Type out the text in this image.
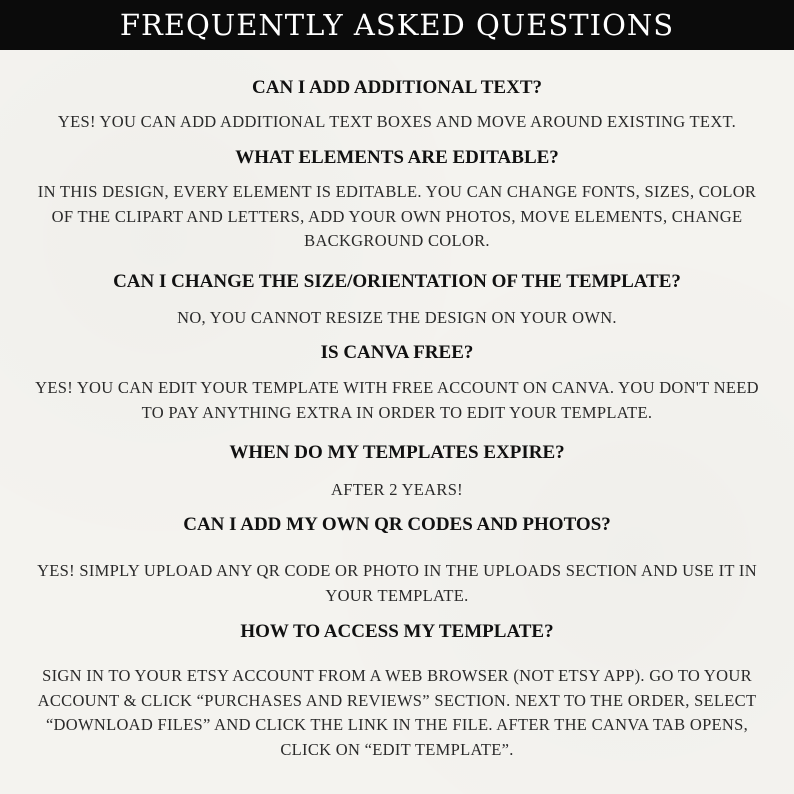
FREQUENTLY ASKED QUESTIONS
CAN I ADD ADDITIONAL TEXT?
YES! YOU CAN ADD ADDITIONAL TEXT BOXES AND MOVE AROUND EXISTING TEXT.
WHAT ELEMENTS ARE EDITABLE?
IN THIS DESIGN, EVERY ELEMENT IS EDITABLE. YOU CAN CHANGE FONTS, SIZES, COLOR OF THE CLIPART AND LETTERS, ADD YOUR OWN PHOTOS, MOVE ELEMENTS, CHANGE BACKGROUND COLOR.
CAN I CHANGE THE SIZE/ORIENTATION OF THE TEMPLATE?
NO, YOU CANNOT RESIZE THE DESIGN ON YOUR OWN.
IS CANVA FREE?
YES! YOU CAN EDIT YOUR TEMPLATE WITH FREE ACCOUNT ON CANVA. YOU DON'T NEED TO PAY ANYTHING EXTRA IN ORDER TO EDIT YOUR TEMPLATE.
WHEN DO MY TEMPLATES EXPIRE?
AFTER 2 YEARS!
CAN I ADD MY OWN QR CODES AND PHOTOS?
YES! SIMPLY UPLOAD ANY QR CODE OR PHOTO IN THE UPLOADS SECTION AND USE IT IN YOUR TEMPLATE.
HOW TO ACCESS MY TEMPLATE?
SIGN IN TO YOUR ETSY ACCOUNT FROM A WEB BROWSER (NOT ETSY APP). GO TO YOUR ACCOUNT & CLICK “PURCHASES AND REVIEWS” SECTION. NEXT TO THE ORDER, SELECT “DOWNLOAD FILES” AND CLICK THE LINK IN THE FILE. AFTER THE CANVA TAB OPENS, CLICK ON “EDIT TEMPLATE”.
